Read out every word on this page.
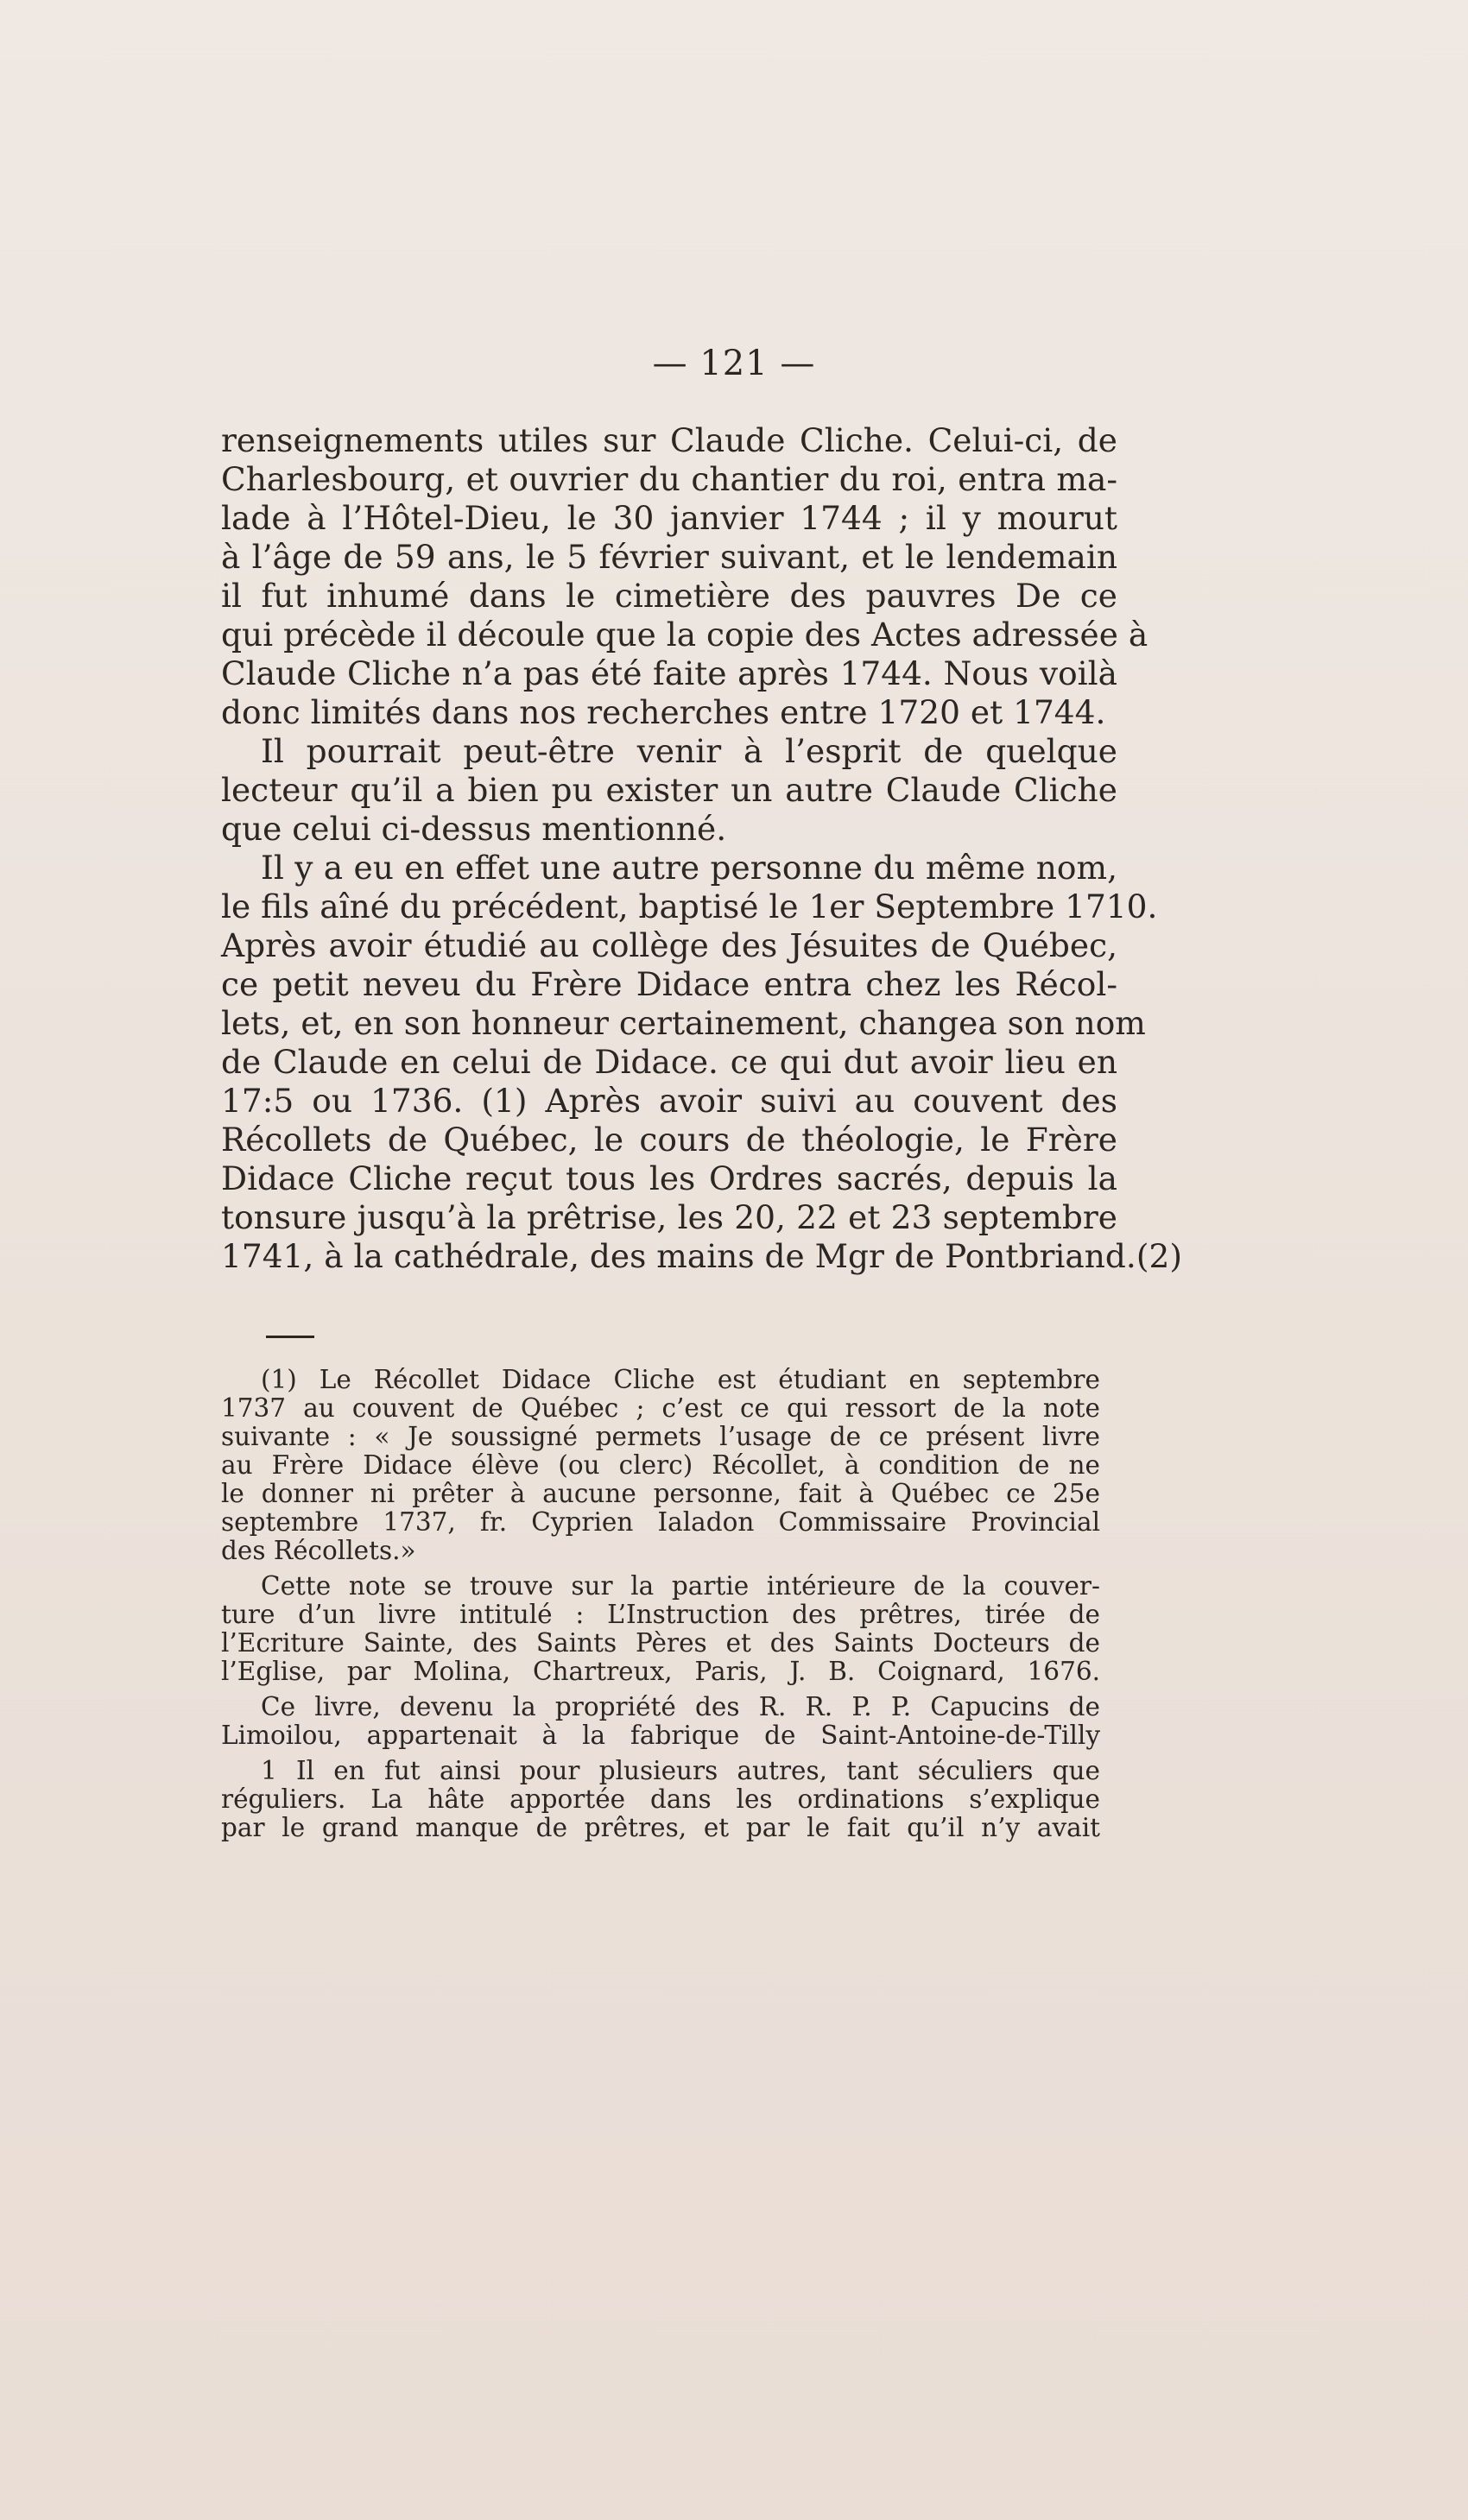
— 121 —
renseignements utiles sur Claude Cliche. Celui-ci, de
Charlesbourg, et ouvrier du chantier du roi, entra ma-
lade à l’Hôtel-Dieu, le 30 janvier 1744 ; il y mourut
à l’âge de 59 ans, le 5 février suivant, et le lendemain
il fut inhumé dans le cimetière des pauvres De ce
qui précède il découle que la copie des Actes adressée à
Claude Cliche n’a pas été faite après 1744. Nous voilà
donc limités dans nos recherches entre 1720 et 1744.
Il pourrait peut-être venir à l’esprit de quelque
lecteur qu’il a bien pu exister un autre Claude Cliche
que celui ci-dessus mentionné.
Il y a eu en effet une autre personne du même nom,
le fils aîné du précédent, baptisé le 1er Septembre 1710.
Après avoir étudié au collège des Jésuites de Québec,
ce petit neveu du Frère Didace entra chez les Récol-
lets, et, en son honneur certainement, changea son nom
de Claude en celui de Didace. ce qui dut avoir lieu en
17:5 ou 1736. (1) Après avoir suivi au couvent des
Récollets de Québec, le cours de théologie, le Frère
Didace Cliche reçut tous les Ordres sacrés, depuis la
tonsure jusqu’à la prêtrise, les 20, 22 et 23 septembre
1741, à la cathédrale, des mains de Mgr de Pontbriand.(2)
(1) Le Récollet Didace Cliche est étudiant en septembre
1737 au couvent de Québec ; c’est ce qui ressort de la note
suivante : « Je soussigné permets l’usage de ce présent livre
au Frère Didace élève (ou clerc) Récollet, à condition de ne
le donner ni prêter à aucune personne, fait à Québec ce 25e
septembre 1737, fr. Cyprien Ialadon Commissaire Provincial
des Récollets.»
Cette note se trouve sur la partie intérieure de la couver-
ture d’un livre intitulé : L’Instruction des prêtres, tirée de
l’Ecriture Sainte, des Saints Pères et des Saints Docteurs de
l’Eglise, par Molina, Chartreux, Paris, J. B. Coignard, 1676.
Ce livre, devenu la propriété des R. R. P. P. Capucins de
Limoilou, appartenait à la fabrique de Saint-Antoine-de-Tilly
1 Il en fut ainsi pour plusieurs autres, tant séculiers que
réguliers. La hâte apportée dans les ordinations s’explique
par le grand manque de prêtres, et par le fait qu’il n’y avait
